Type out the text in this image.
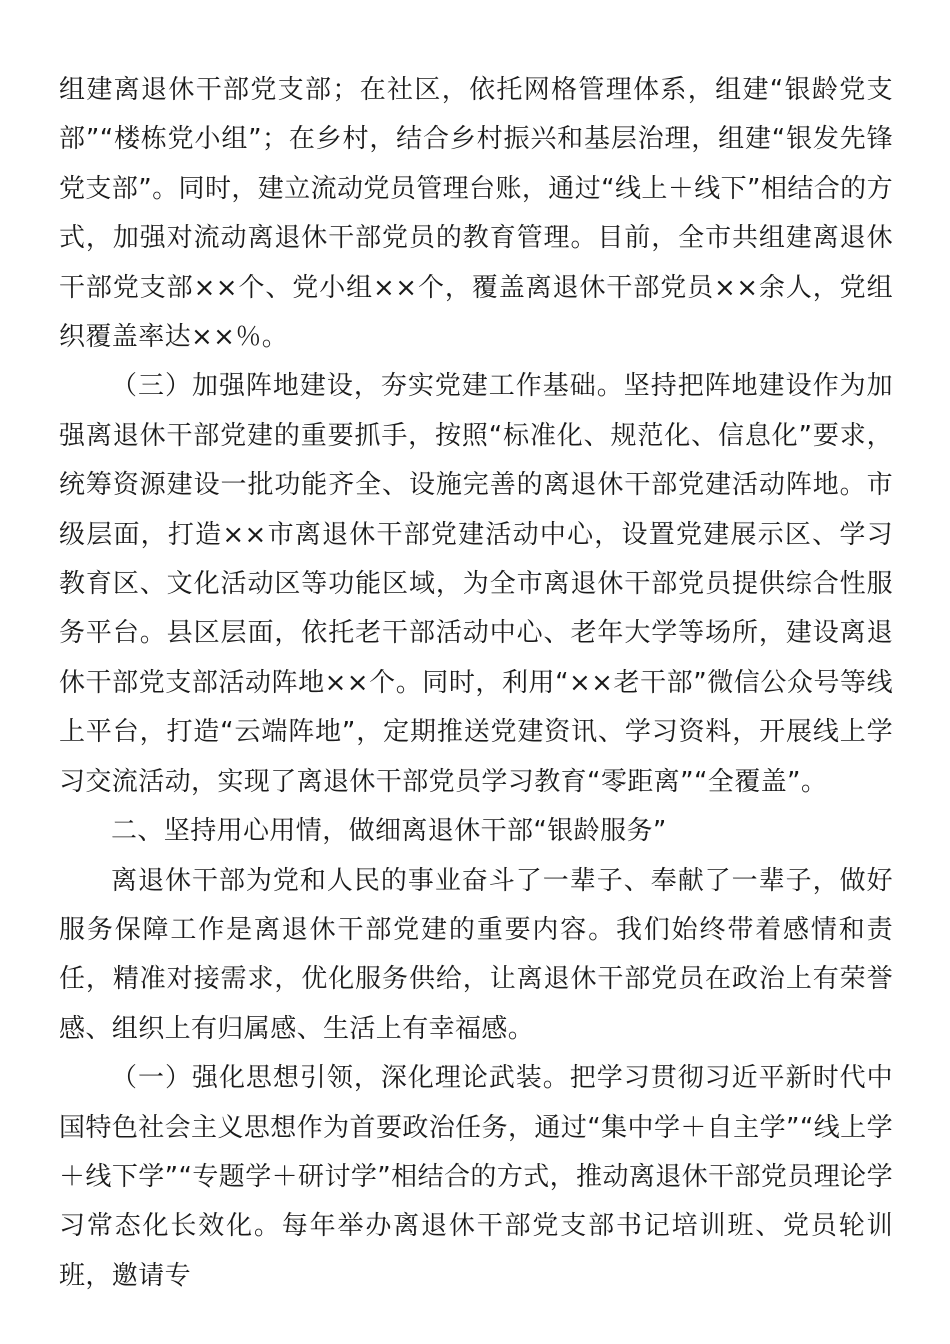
组建离退休干部党支部；在社区，依托网格管理体系，组建“银龄党支部”“楼栋党小组”；在乡村，结合乡村振兴和基层治理，组建“银发先锋党支部”。同时，建立流动党员管理台账，通过“线上＋线下”相结合的方式，加强对流动离退休干部党员的教育管理。目前，全市共组建离退休干部党支部××个、党小组××个，覆盖离退休干部党员××余人，党组织覆盖率达××％。

（三）加强阵地建设，夯实党建工作基础。坚持把阵地建设作为加强离退休干部党建的重要抓手，按照“标准化、规范化、信息化”要求，统筹资源建设一批功能齐全、设施完善的离退休干部党建活动阵地。市级层面，打造××市离退休干部党建活动中心，设置党建展示区、学习教育区、文化活动区等功能区域，为全市离退休干部党员提供综合性服务平台。县区层面，依托老干部活动中心、老年大学等场所，建设离退休干部党支部活动阵地××个。同时，利用“××老干部”微信公众号等线上平台，打造“云端阵地”，定期推送党建资讯、学习资料，开展线上学习交流活动，实现了离退休干部党员学习教育“零距离”“全覆盖”。

二、坚持用心用情，做细离退休干部“银龄服务”

离退休干部为党和人民的事业奋斗了一辈子、奉献了一辈子，做好服务保障工作是离退休干部党建的重要内容。我们始终带着感情和责任，精准对接需求，优化服务供给，让离退休干部党员在政治上有荣誉感、组织上有归属感、生活上有幸福感。

（一）强化思想引领，深化理论武装。把学习贯彻习近平新时代中国特色社会主义思想作为首要政治任务，通过“集中学＋自主学”“线上学＋线下学”“专题学＋研讨学”相结合的方式，推动离退休干部党员理论学习常态化长效化。每年举办离退休干部党支部书记培训班、党员轮训班，邀请专
